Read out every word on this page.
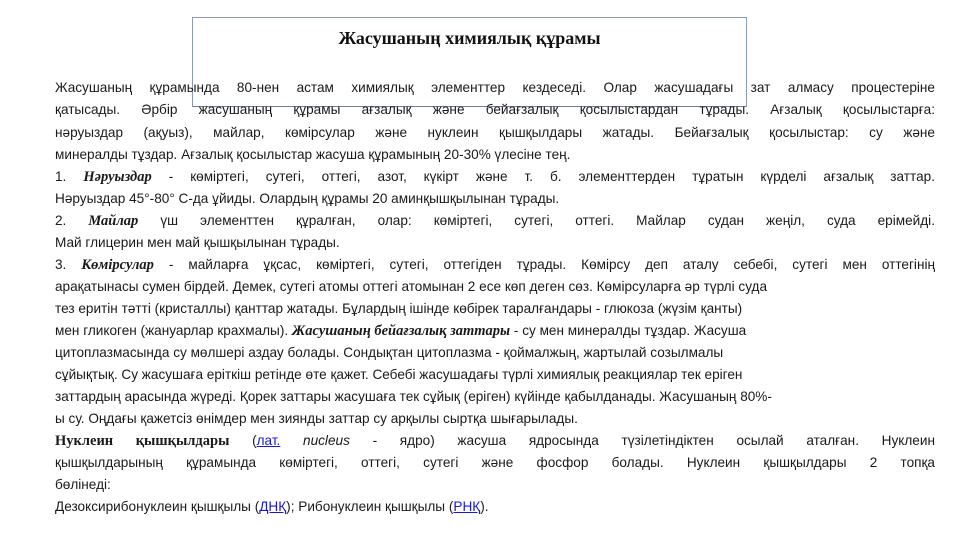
Жасушаның химиялық құрамы
Жасушаның құрамында 80-нен астам химиялық элементтер кездеседі. Олар жасушадағы зат алмасу процестеріне
қатысады. Әрбір жасушаның құрамы ағзалық және бейағзалық қосылыстардан тұрады. Ағзалық қосылыстарға:
нәруыздар (ақуыз), майлар, көмірсулар және нуклеин қышқылдары жатады. Бейағзалық қосылыстар: су және
минералды тұздар. Ағзалық қосылыстар жасуша құрамының 20-30% үлесіне тең.
1. Нәруыздар - көміртегі, сутегі, оттегі, азот, күкірт және т. б. элементтерден тұратын күрделі ағзалық заттар.
Нәруыздар 45°-80° С-да ұйиды. Олардың құрамы 20 аминқышқылынан тұрады.
2. Майлар үш элементтен құралған, олар: көміртегі, сутегі, оттегі. Майлар судан жеңіл, суда ерімейді.
Май глицерин мен май қышқылынан тұрады.
3. Көмірсулар - майларға ұқсас, көміртегі, сутегі, оттегіден тұрады. Көмірсу деп аталу себебі, сутегі мен оттегінің
арақатынасы сумен бірдей. Демек, сутегі атомы оттегі атомынан 2 есе көп деген сөз. Көмірсуларға әр түрлі суда
тез еритін тәтті (кристаллы) қанттар жатады. Бұлардың ішінде көбірек таралғандары - глюкоза (жүзім қанты)
мен гликоген (жануарлар крахмалы). Жасушаның бейағзалық заттары - су мен минералды тұздар. Жасуша
цитоплазмасында су мөлшері аздау болады. Сондықтан цитоплазма - қоймалжың, жартылай созылмалы
сұйықтық. Су жасушаға еріткіш ретінде өте қажет. Себебі жасушадағы түрлі химиялық реакциялар тек еріген
заттардың арасында жүреді. Қорек заттары жасушаға тек сұйық (еріген) күйінде қабылданады. Жасушаның 80%-
ы су. Оңдағы қажетсіз өнімдер мен зиянды заттар су арқылы сыртқа шығарылады.
Нуклеин қышқылдары (лат. nucleus - ядро) жасуша ядросында түзілетіндіктен осылай аталған. Нуклеин
қышқылдарының құрамында көміртегі, оттегі, сутегі және фосфор болады. Нуклеин қышқылдары 2 топқа
бөлінеді:
Дезоксирибонуклеин қышқылы (ДНҚ); Рибонуклеин қышқылы (РНҚ).
